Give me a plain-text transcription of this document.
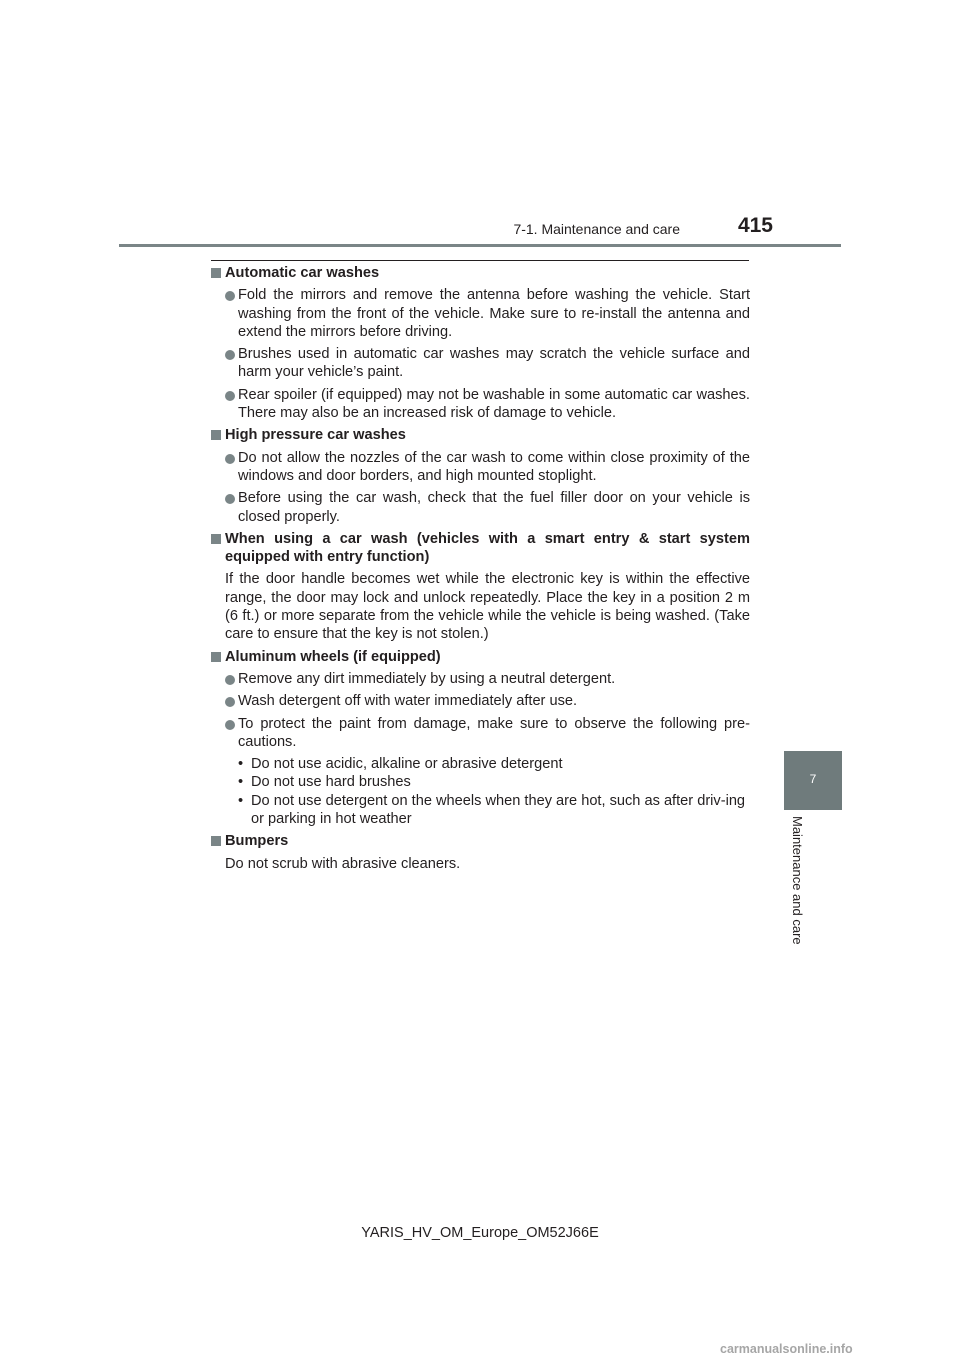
7-1. Maintenance and care	415
7
Maintenance and care
Automatic car washes
Fold the mirrors and remove the antenna before washing the vehicle. Start washing from the front of the vehicle. Make sure to re-install the antenna and extend the mirrors before driving.
Brushes used in automatic car washes may scratch the vehicle surface and harm your vehicle’s paint.
Rear spoiler (if equipped) may not be washable in some automatic car washes. There may also be an increased risk of damage to vehicle.
High pressure car washes
Do not allow the nozzles of the car wash to come within close proximity of the windows and door borders, and high mounted stoplight.
Before using the car wash, check that the fuel filler door on your vehicle is closed properly.
When using a car wash (vehicles with a smart entry & start system equipped with entry function)
If the door handle becomes wet while the electronic key is within the effective range, the door may lock and unlock repeatedly. Place the key in a position 2 m (6 ft.) or more separate from the vehicle while the vehicle is being washed. (Take care to ensure that the key is not stolen.)
Aluminum wheels (if equipped)
Remove any dirt immediately by using a neutral detergent.
Wash detergent off with water immediately after use.
To protect the paint from damage, make sure to observe the following pre-cautions.
• Do not use acidic, alkaline or abrasive detergent
• Do not use hard brushes
• Do not use detergent on the wheels when they are hot, such as after driv-ing or parking in hot weather
Bumpers
Do not scrub with abrasive cleaners.
YARIS_HV_OM_Europe_OM52J66E
carmanualsonline.info
